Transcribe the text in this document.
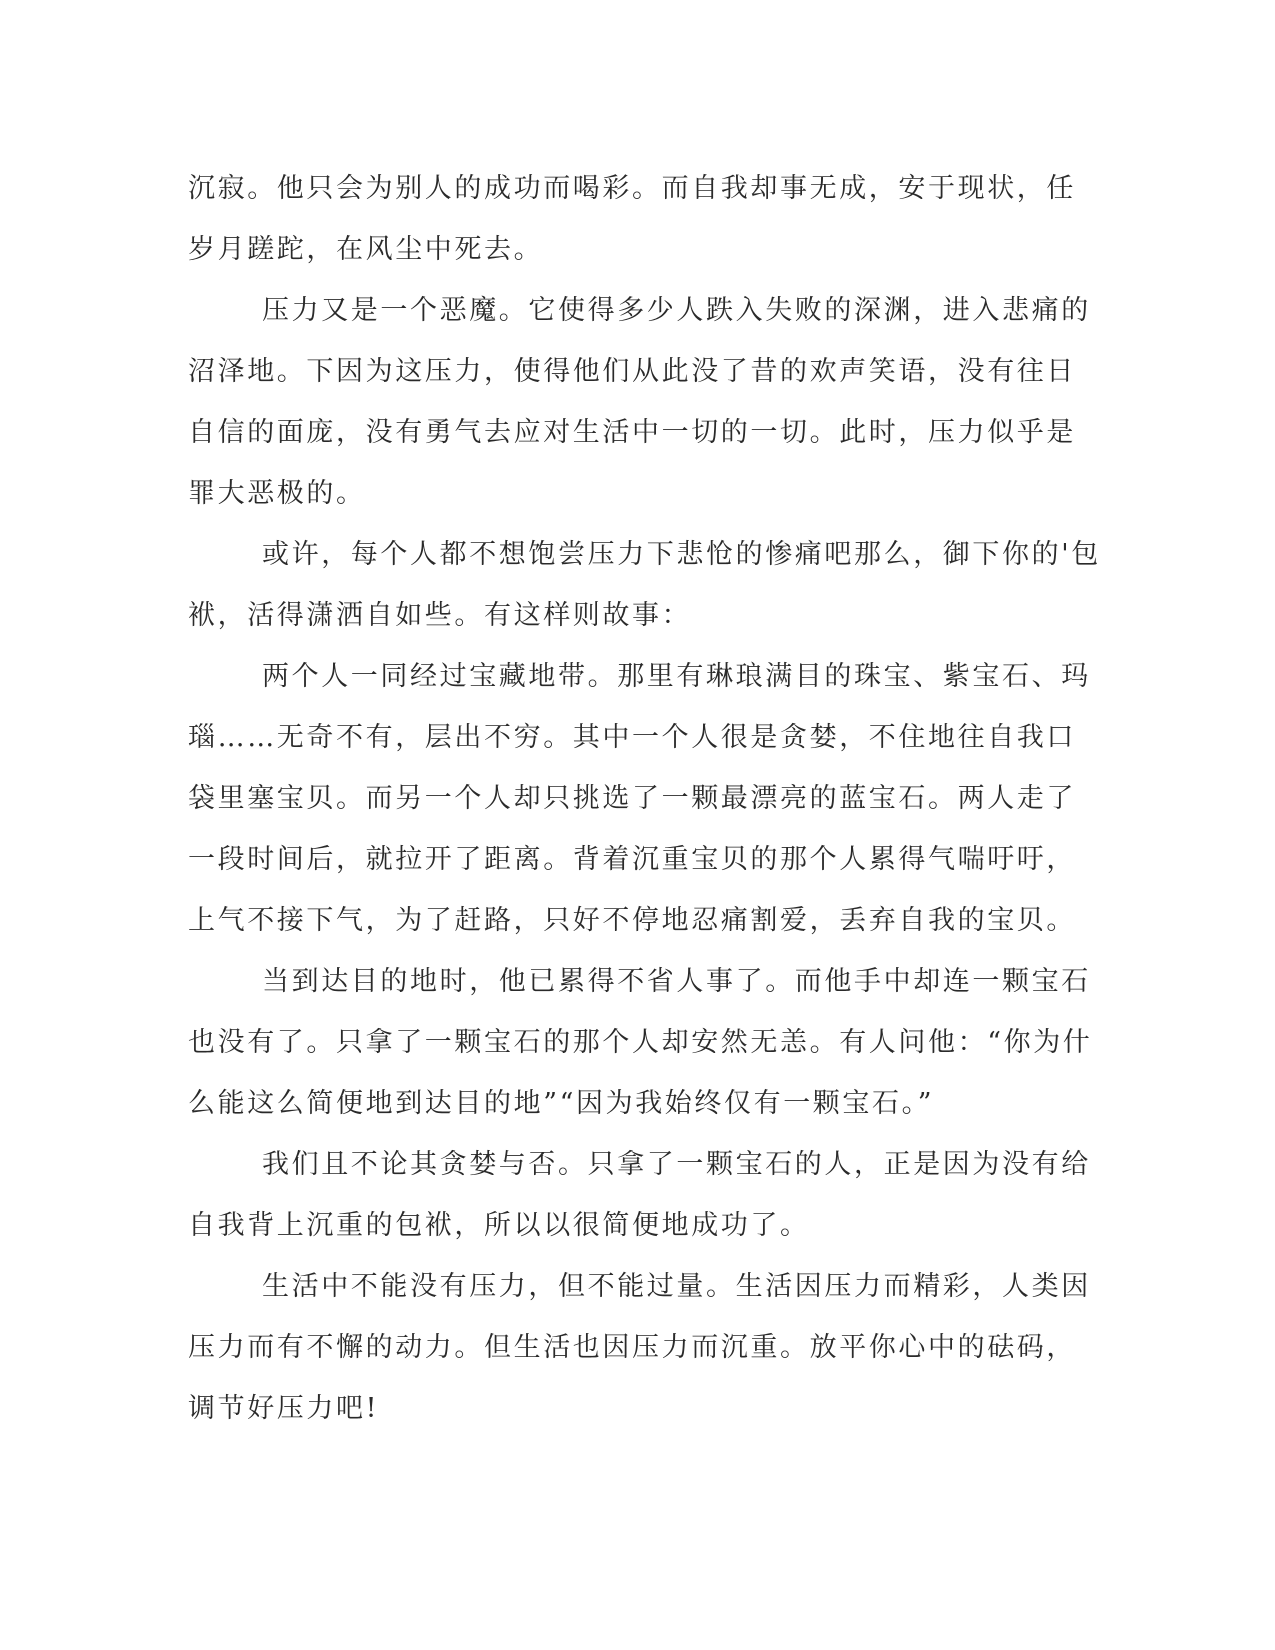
沉寂。他只会为别人的成功而喝彩。而自我却事无成，安于现状，任
岁月蹉跎，在风尘中死去。
压力又是一个恶魔。它使得多少人跌入失败的深渊，进入悲痛的
沼泽地。下因为这压力，使得他们从此没了昔的欢声笑语，没有往日
自信的面庞，没有勇气去应对生活中一切的一切。此时，压力似乎是
罪大恶极的。
或许，每个人都不想饱尝压力下悲怆的惨痛吧那么，御下你的'包
袱，活得潇洒自如些。有这样则故事：
两个人一同经过宝藏地带。那里有琳琅满目的珠宝、紫宝石、玛
瑙……无奇不有，层出不穷。其中一个人很是贪婪，不住地往自我口
袋里塞宝贝。而另一个人却只挑选了一颗最漂亮的蓝宝石。两人走了
一段时间后，就拉开了距离。背着沉重宝贝的那个人累得气喘吁吁，
上气不接下气，为了赶路，只好不停地忍痛割爱，丢弃自我的宝贝。
当到达目的地时，他已累得不省人事了。而他手中却连一颗宝石
也没有了。只拿了一颗宝石的那个人却安然无恙。有人问他：“你为什
么能这么简便地到达目的地”“因为我始终仅有一颗宝石。”
我们且不论其贪婪与否。只拿了一颗宝石的人，正是因为没有给
自我背上沉重的包袱，所以以很简便地成功了。
生活中不能没有压力，但不能过量。生活因压力而精彩，人类因
压力而有不懈的动力。但生活也因压力而沉重。放平你心中的砝码，
调节好压力吧!
